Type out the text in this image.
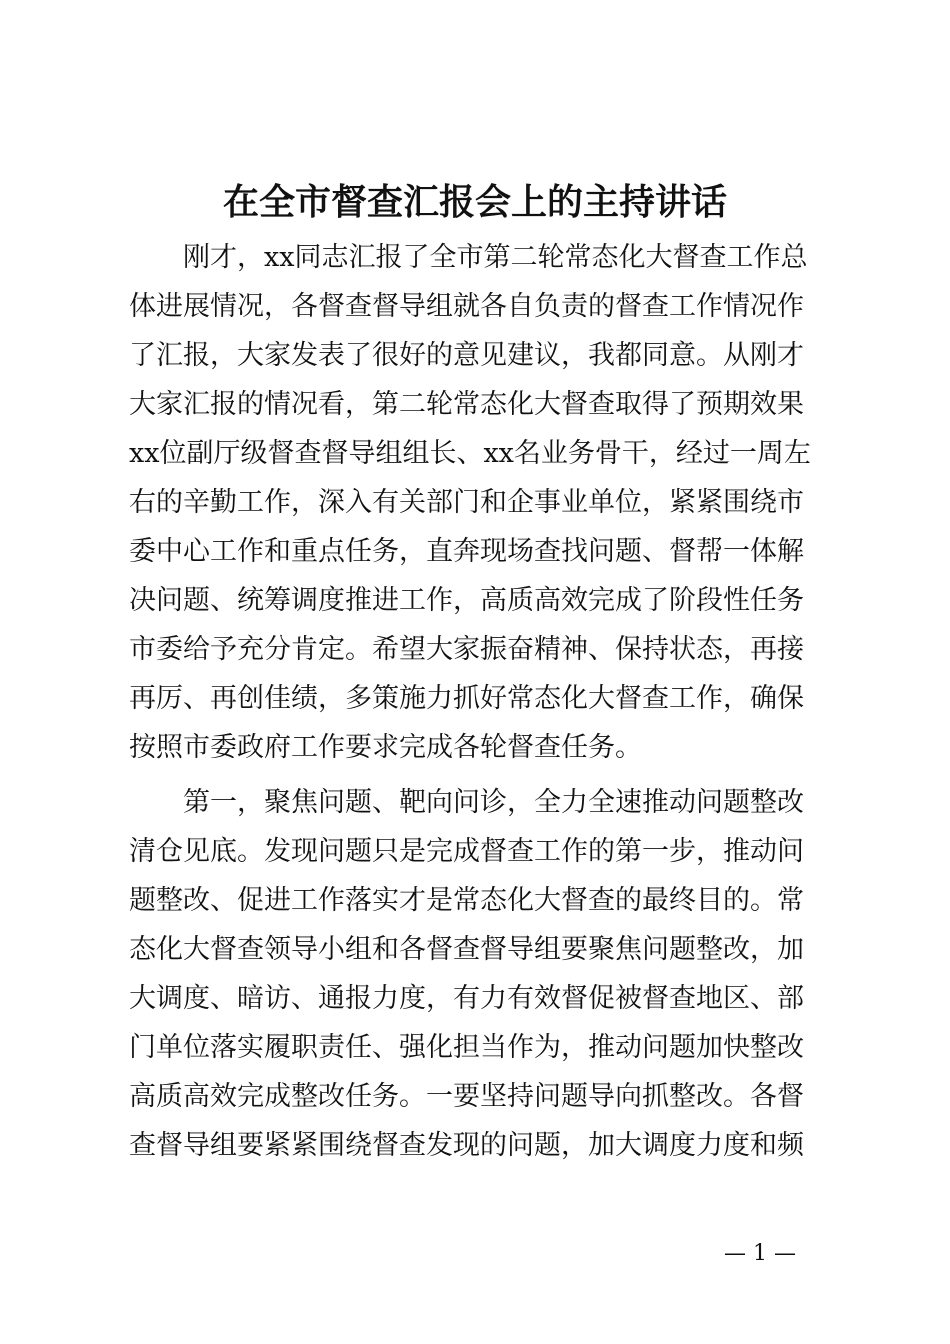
在全市督查汇报会上的主持讲话

　　刚才，xx同志汇报了全市第二轮常态化大督查工作总

体进展情况，各督查督导组就各自负责的督查工作情况作

了汇报，大家发表了很好的意见建议，我都同意。从刚才

大家汇报的情况看，第二轮常态化大督查取得了预期效果

xx位副厅级督查督导组组长、xx名业务骨干，经过一周左

右的辛勤工作，深入有关部门和企事业单位，紧紧围绕市

委中心工作和重点任务，直奔现场查找问题、督帮一体解

决问题、统筹调度推进工作，高质高效完成了阶段性任务

市委给予充分肯定。希望大家振奋精神、保持状态，再接

再厉、再创佳绩，多策施力抓好常态化大督查工作，确保

按照市委政府工作要求完成各轮督查任务。

　　第一，聚焦问题、靶向问诊，全力全速推动问题整改

清仓见底。发现问题只是完成督查工作的第一步，推动问

题整改、促进工作落实才是常态化大督查的最终目的。常

态化大督查领导小组和各督查督导组要聚焦问题整改，加

大调度、暗访、通报力度，有力有效督促被督查地区、部

门单位落实履职责任、强化担当作为，推动问题加快整改

高质高效完成整改任务。一要坚持问题导向抓整改。各督

查督导组要紧紧围绕督查发现的问题，加大调度力度和频

— 1 —
